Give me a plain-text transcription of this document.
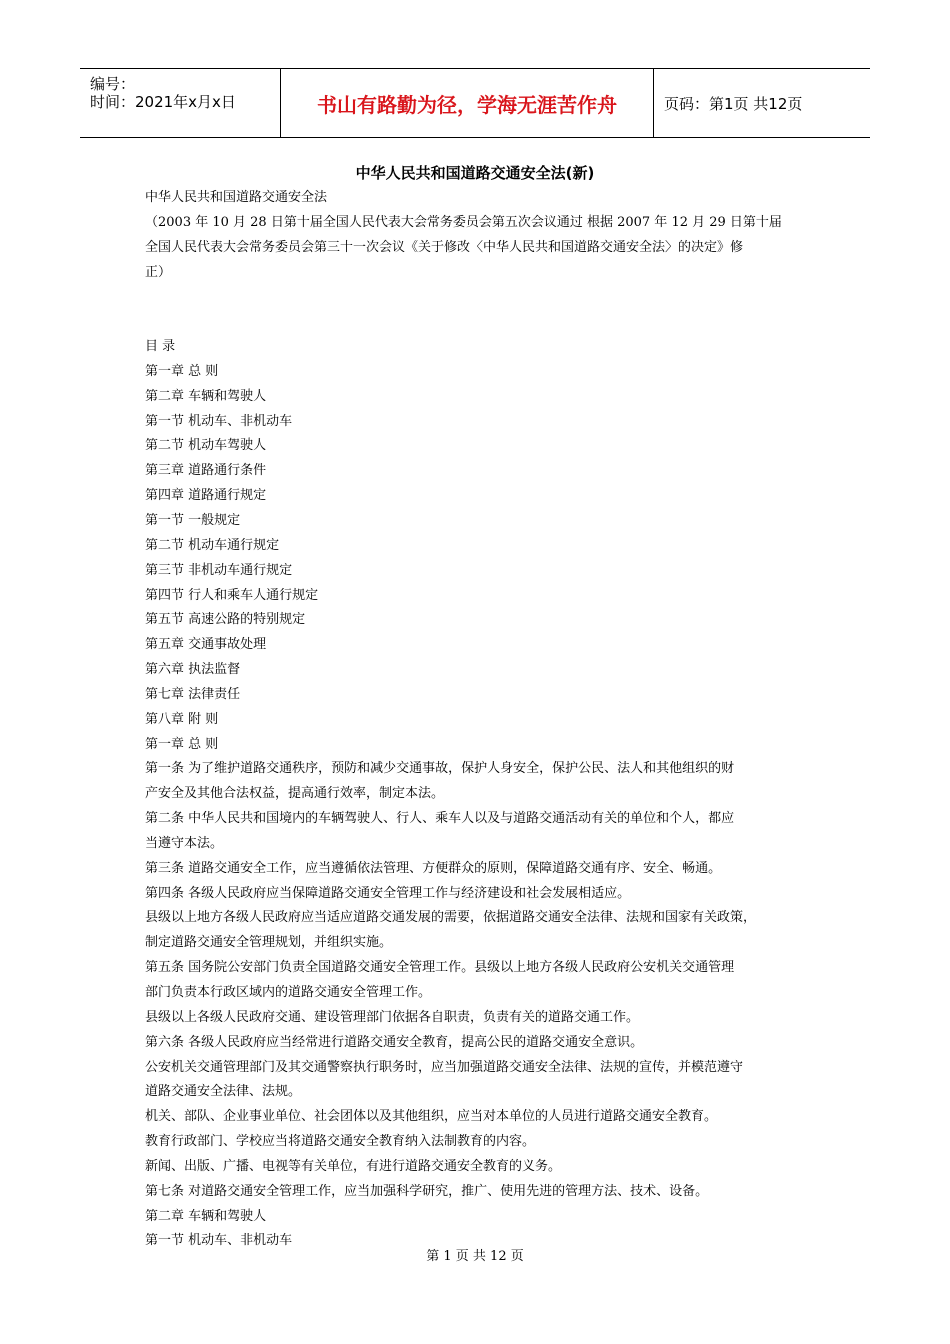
编号：
时间：2021年x月x日	书山有路勤为径，学海无涯苦作舟	页码：第1页 共12页
中华人民共和国道路交通安全法(新)

中华人民共和国道路交通安全法

（2003 年 10 月 28 日第十届全国人民代表大会常务委员会第五次会议通过 根据 2007 年 12 月 29 日第十届

全国人民代表大会常务委员会第三十一次会议《关于修改〈中华人民共和国道路交通安全法〉的决定》修

正）

目 录

第一章 总 则

第二章 车辆和驾驶人

第一节 机动车、非机动车

第二节 机动车驾驶人

第三章 道路通行条件

第四章 道路通行规定

第一节 一般规定

第二节 机动车通行规定

第三节 非机动车通行规定

第四节 行人和乘车人通行规定

第五节 高速公路的特别规定

第五章 交通事故处理

第六章 执法监督

第七章 法律责任

第八章 附 则

第一章 总 则

第一条 为了维护道路交通秩序，预防和减少交通事故，保护人身安全，保护公民、法人和其他组织的财

产安全及其他合法权益，提高通行效率，制定本法。

第二条 中华人民共和国境内的车辆驾驶人、行人、乘车人以及与道路交通活动有关的单位和个人，都应

当遵守本法。

第三条 道路交通安全工作，应当遵循依法管理、方便群众的原则，保障道路交通有序、安全、畅通。

第四条 各级人民政府应当保障道路交通安全管理工作与经济建设和社会发展相适应。

县级以上地方各级人民政府应当适应道路交通发展的需要，依据道路交通安全法律、法规和国家有关政策，

制定道路交通安全管理规划，并组织实施。

第五条 国务院公安部门负责全国道路交通安全管理工作。县级以上地方各级人民政府公安机关交通管理

部门负责本行政区域内的道路交通安全管理工作。

县级以上各级人民政府交通、建设管理部门依据各自职责，负责有关的道路交通工作。

第六条 各级人民政府应当经常进行道路交通安全教育，提高公民的道路交通安全意识。

公安机关交通管理部门及其交通警察执行职务时，应当加强道路交通安全法律、法规的宣传，并模范遵守

道路交通安全法律、法规。

机关、部队、企业事业单位、社会团体以及其他组织，应当对本单位的人员进行道路交通安全教育。

教育行政部门、学校应当将道路交通安全教育纳入法制教育的内容。

新闻、出版、广播、电视等有关单位，有进行道路交通安全教育的义务。

第七条 对道路交通安全管理工作，应当加强科学研究，推广、使用先进的管理方法、技术、设备。

第二章 车辆和驾驶人

第一节 机动车、非机动车

第 1 页 共 12 页
